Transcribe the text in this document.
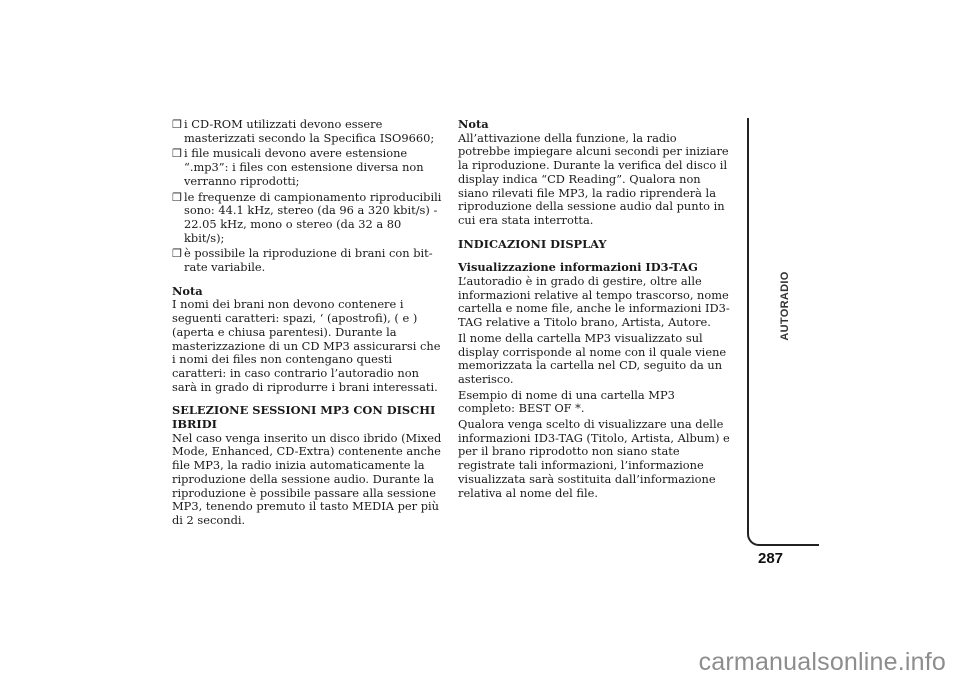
❒ i CD-ROM utilizzati devono essere masterizzati secondo la Specifica ISO9660;
❒ i file musicali devono avere estensione “.mp3”: i files con estensione diversa non verranno riprodotti;
❒ le frequenze di campionamento riproducibili sono: 44.1 kHz, stereo (da 96 a 320 kbit/s) - 22.05 kHz, mono o stereo (da 32 a 80 kbit/s);
❒ è possibile la riproduzione di brani con bit-rate variabile.

Nota

I nomi dei brani non devono contenere i seguenti caratteri: spazi, ‘ (apostrofi), ( e ) (aperta e chiusa parentesi). Durante la masterizzazione di un CD MP3 assicurarsi che i nomi dei files non contengano questi caratteri: in caso contrario l’autoradio non sarà in grado di riprodurre i brani interessati.

SELEZIONE SESSIONI MP3 CON DISCHI IBRIDI

Nel caso venga inserito un disco ibrido (Mixed Mode, Enhanced, CD-Extra) contenente anche file MP3, la radio inizia automaticamente la riproduzione della sessione audio. Durante la riproduzione è possibile passare alla sessione MP3, tenendo premuto il tasto MEDIA per più di 2 secondi.

Nota

All’attivazione della funzione, la radio potrebbe impiegare alcuni secondi per iniziare la riproduzione. Durante la verifica del disco il display indica “CD Reading”. Qualora non siano rilevati file MP3, la radio riprenderà la riproduzione della sessione audio dal punto in cui era stata interrotta.

INDICAZIONI DISPLAY

Visualizzazione informazioni ID3-TAG

L’autoradio è in grado di gestire, oltre alle informazioni relative al tempo trascorso, nome cartella e nome file, anche le informazioni ID3-TAG relative a Titolo brano, Artista, Autore.

Il nome della cartella MP3 visualizzato sul display corrisponde al nome con il quale viene memorizzata la cartella nel CD, seguito da un asterisco.

Esempio di nome di una cartella MP3 completo: BEST OF *.

Qualora venga scelto di visualizzare una delle informazioni ID3-TAG (Titolo, Artista, Album) e per il brano riprodotto non siano state registrate tali informazioni, l’informazione visualizzata sarà sostituita dall’informazione relativa al nome del file.

AUTORADIO
287
carmanualsonline.info
